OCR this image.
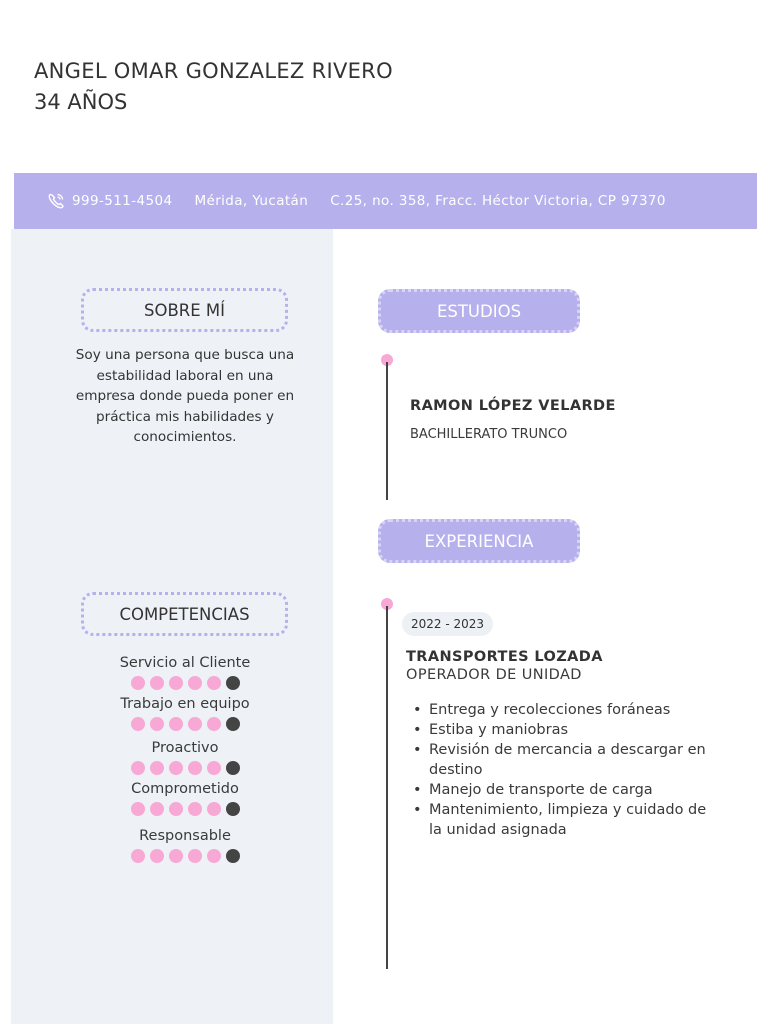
ANGEL OMAR GONZALEZ RIVERO
34 AÑOS
999-511-4504 Mérida, Yucatán C.25, no. 358, Fracc. Héctor Victoria, CP 97370
SOBRE MÍ
Soy una persona que busca una estabilidad laboral en una empresa donde pueda poner en práctica mis habilidades y conocimientos.
COMPETENCIAS
Servicio al Cliente
Trabajo en equipo
Proactivo
Comprometido
Responsable
ESTUDIOS
RAMON LÓPEZ VELARDE
BACHILLERATO TRUNCO
EXPERIENCIA
2022 - 2023
TRANSPORTES LOZADA
OPERADOR DE UNIDAD
• Entrega y recolecciones foráneas
• Estiba y maniobras
• Revisión de mercancia a descargar en destino
• Manejo de transporte de carga
• Mantenimiento, limpieza y cuidado de la unidad asignada
